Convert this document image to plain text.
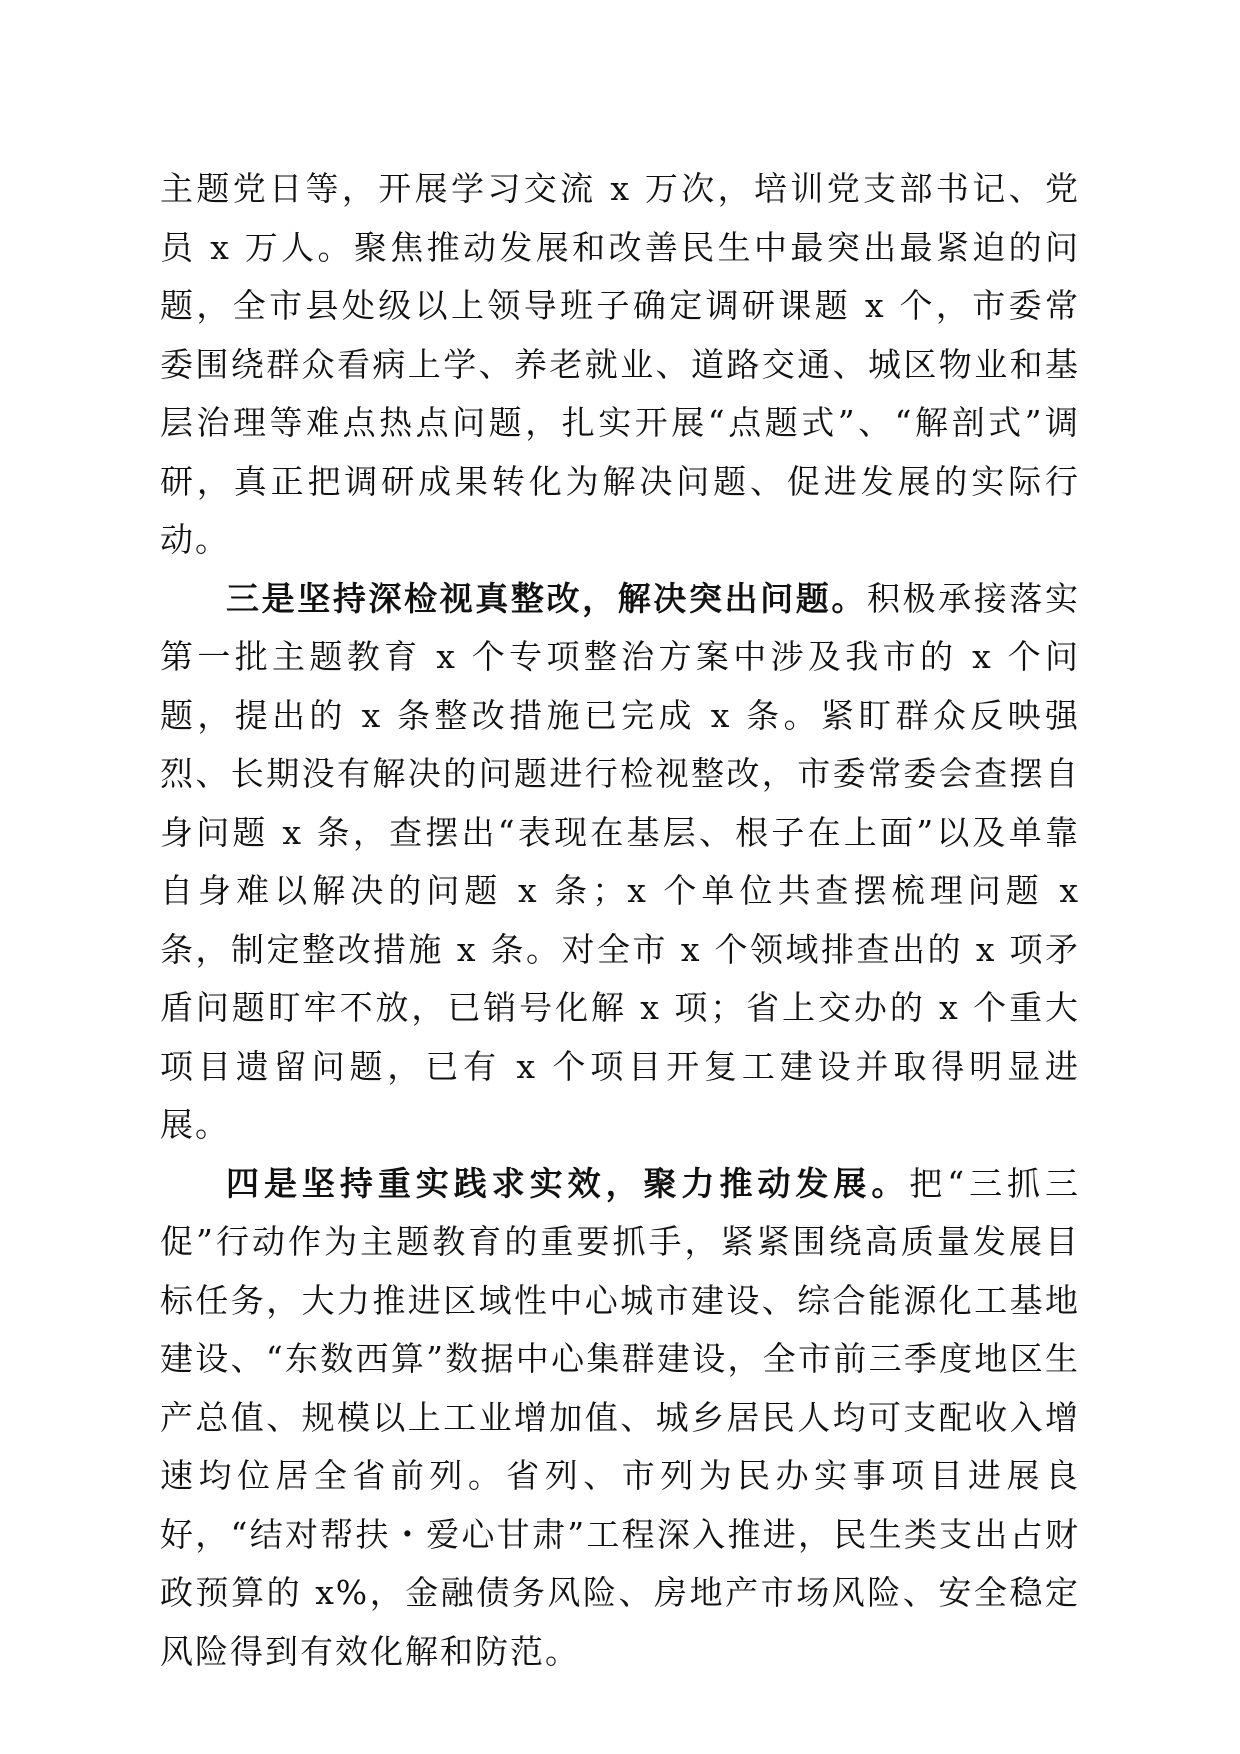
主题党日等，开展学习交流 x 万次，培训党支部书记、党员 x 万人。聚焦推动发展和改善民生中最突出最紧迫的问题，全市县处级以上领导班子确定调研课题 x 个，市委常委围绕群众看病上学、养老就业、道路交通、城区物业和基层治理等难点热点问题，扎实开展“点题式”、“解剖式”调研，真正把调研成果转化为解决问题、促进发展的实际行动。

三是坚持深检视真整改，解决突出问题。积极承接落实第一批主题教育 x 个专项整治方案中涉及我市的 x 个问题，提出的 x 条整改措施已完成 x 条。紧盯群众反映强烈、长期没有解决的问题进行检视整改，市委常委会查摆自身问题 x 条，查摆出“表现在基层、根子在上面”以及单靠自身难以解决的问题 x 条；x 个单位共查摆梳理问题 x 条，制定整改措施 x 条。对全市 x 个领域排查出的 x 项矛盾问题盯牢不放，已销号化解 x 项；省上交办的 x 个重大项目遗留问题，已有 x 个项目开复工建设并取得明显进展。

四是坚持重实践求实效，聚力推动发展。把“三抓三促”行动作为主题教育的重要抓手，紧紧围绕高质量发展目标任务，大力推进区域性中心城市建设、综合能源化工基地建设、“东数西算”数据中心集群建设，全市前三季度地区生产总值、规模以上工业增加值、城乡居民人均可支配收入增速均位居全省前列。省列、市列为民办实事项目进展良好，“结对帮扶・爱心甘肃”工程深入推进，民生类支出占财政预算的 x%，金融债务风险、房地产市场风险、安全稳定风险得到有效化解和防范。
